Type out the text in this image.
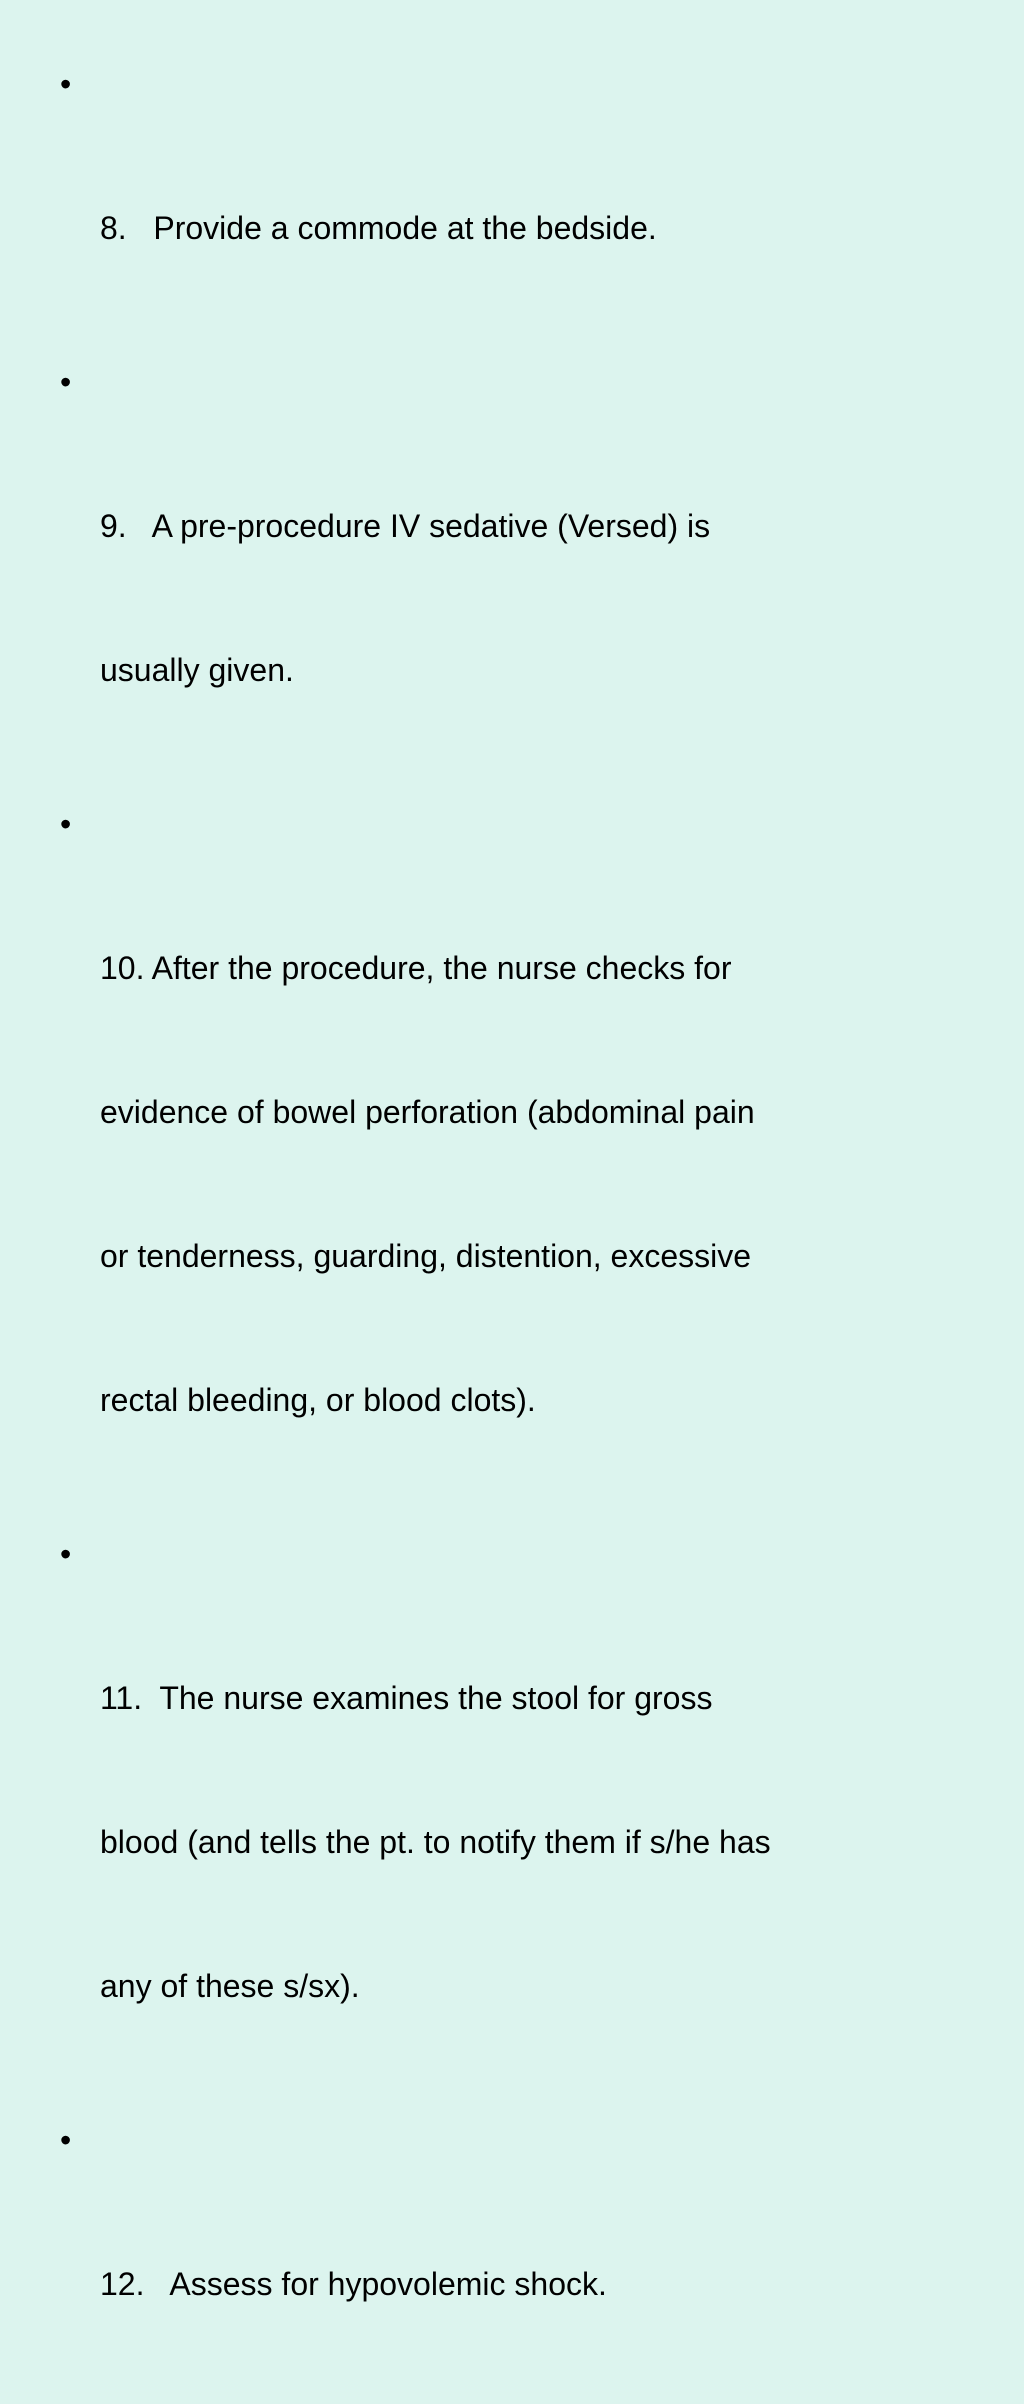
•

8.   Provide a commode at the bedside.

•

9.   A pre-procedure IV sedative (Versed) is

usually given.

•

10. After the procedure, the nurse checks for

evidence of bowel perforation (abdominal pain

or tenderness, guarding, distention, excessive

rectal bleeding, or blood clots).

•

11.  The nurse examines the stool for gross

blood (and tells the pt. to notify them if s/he has

any of these s/sx).

•

12.   Assess for hypovolemic shock.
